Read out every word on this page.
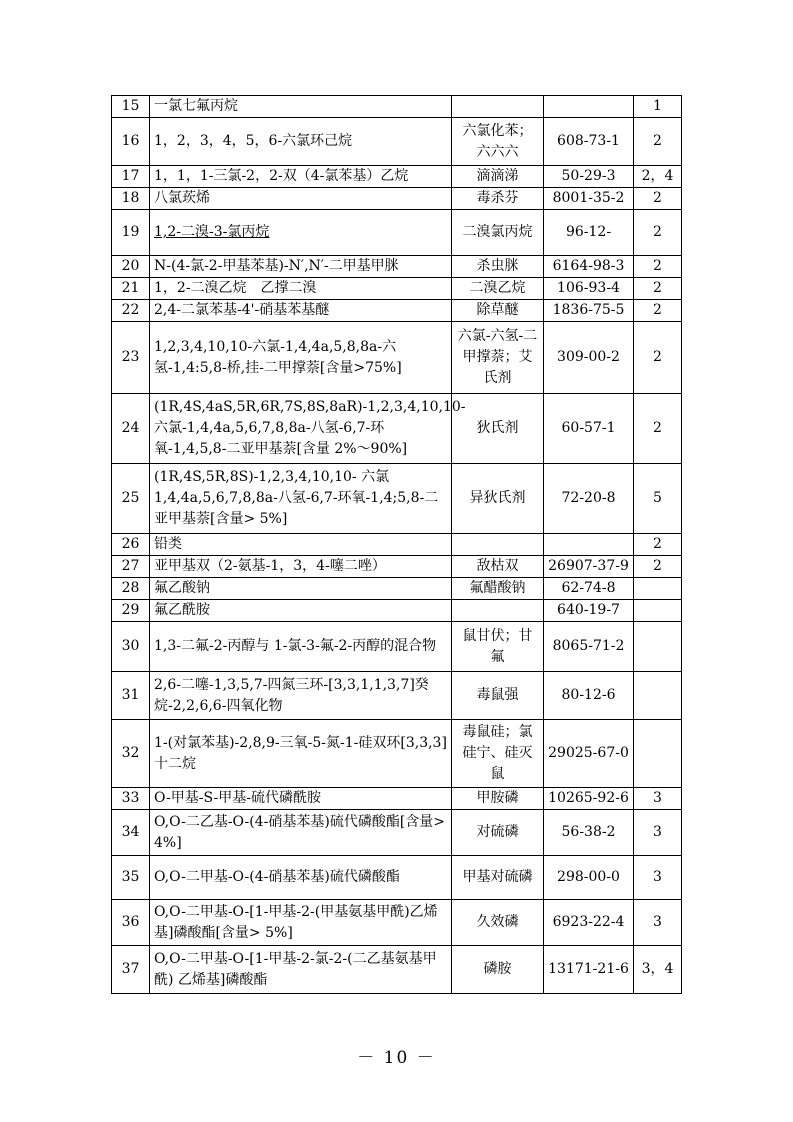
15	一氯七氟丙烷			1
16	1，2，3，4，5，6-六氯环己烷	六氯化苯；六六六	608-73-1	2
17	1，1，1-三氯-2，2-双（4-氯苯基）乙烷	滴滴涕	50-29-3	2，4
18	八氯莰烯	毒杀芬	8001-35-2	2
19	1,2-二溴-3-氯丙烷	二溴氯丙烷	96-12-	2
20	N-(4-氯-2-甲基苯基)-N′,N′-二甲基甲脒	杀虫脒	6164-98-3	2
21	1，2-二溴乙烷　乙撑二溴	二溴乙烷	106-93-4	2
22	2,4-二氯苯基-4'-硝基苯基醚	除草醚	1836-75-5	2
23	1,2,3,4,10,10-六氯-1,4,4a,5,8,8a-六氢-1,4:5,8-桥,挂-二甲撑萘[含量>75%]	六氯-六氢-二甲撑萘；艾氏剂	309-00-2	2
24	(1R,4S,4aS,5R,6R,7S,8S,8aR)-1,2,3,4,10,10-六氯-1,4,4a,5,6,7,8,8a-八氢-6,7-环氧-1,4,5,8-二亚甲基萘[含量 2%～90%]	狄氏剂	60-57-1	2
25	(1R,4S,5R,8S)-1,2,3,4,10,10- 六氯1,4,4a,5,6,7,8,8a-八氢-6,7-环氧-1,4;5,8-二亚甲基萘[含量> 5%]	异狄氏剂	72-20-8	5
26	铅类			2
27	亚甲基双（2-氨基-1，3，4-噻二唑）	敌枯双	26907-37-9	2
28	氟乙酸钠	氟醋酸钠	62-74-8	
29	氟乙酰胺		640-19-7	
30	1,3-二氟-2-丙醇与 1-氯-3-氟-2-丙醇的混合物	鼠甘伏；甘氟	8065-71-2	
31	2,6-二噻-1,3,5,7-四氮三环-[3,3,1,1,3,7]癸烷-2,2,6,6-四氧化物	毒鼠强	80-12-6	
32	1-(对氯苯基)-2,8,9-三氧-5-氮-1-硅双环[3,3,3]十二烷	毒鼠硅；氯硅宁、硅灭鼠	29025-67-0	
33	O-甲基-S-甲基-硫代磷酰胺	甲胺磷	10265-92-6	3
34	O,O-二乙基-O-(4-硝基苯基)硫代磷酸酯[含量> 4%]	对硫磷	56-38-2	3
35	O,O-二甲基-O-(4-硝基苯基)硫代磷酸酯	甲基对硫磷	298-00-0	3
36	O,O-二甲基-O-[1-甲基-2-(甲基氨基甲酰)乙烯基]磷酸酯[含量> 5%]	久效磷	6923-22-4	3
37	O,O-二甲基-O-[1-甲基-2-氯-2-(二乙基氨基甲酰) 乙烯基]磷酸酯	磷胺	13171-21-6	3，4
－ 10 －
